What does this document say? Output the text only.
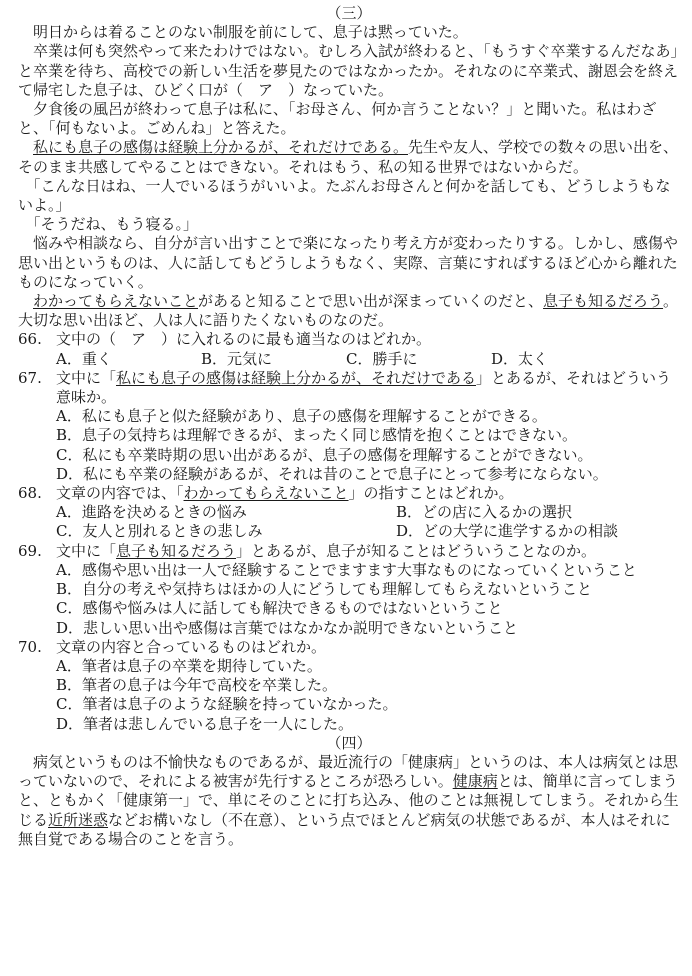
（三）

明日からは着ることのない制服を前にして、息子は黙っていた。

卒業は何も突然やって来たわけではない。むしろ入試が終わると、「もうすぐ卒業するんだなあ」と卒業を待ち、高校での新しい生活を夢見たのではなかったか。それなのに卒業式、謝恩会を終えて帰宅した息子は、ひどく口が（　ア　）なっていた。

夕食後の風呂が終わって息子は私に、「お母さん、何か言うことない？」と聞いた。私はわざと、「何もないよ。ごめんね」と答えた。

私にも息子の感傷は経験上分かるが、それだけである。先生や友人、学校での数々の思い出を、そのまま共感してやることはできない。それはもう、私の知る世界ではないからだ。

「こんな日はね、一人でいるほうがいいよ。たぶんお母さんと何かを話しても、どうしようもないよ。」

「そうだね、もう寝る。」

悩みや相談なら、自分が言い出すことで楽になったり考え方が変わったりする。しかし、感傷や思い出というものは、人に話してもどうしようもなく、実際、言葉にすればするほど心から離れたものになっていく。

わかってもらえないことがあると知ることで思い出が深まっていくのだと、息子も知るだろう。大切な思い出ほど、人は人に語りたくないものなのだ。

66. 文中の（　ア　）に入れるのに最も適当なのはどれか。
A．重く	B．元気に	C．勝手に	D．太く
67. 文中に「私にも息子の感傷は経験上分かるが、それだけである」とあるが、それはどういう意味か。
A． 私にも息子と似た経験があり、息子の感傷を理解することができる。
B． 息子の気持ちは理解できるが、まったく同じ感情を抱くことはできない。
C． 私にも卒業時期の思い出があるが、息子の感傷を理解することができない。
D． 私にも卒業の経験があるが、それは昔のことで息子にとって参考にならない。
68. 文章の内容では、「わかってもらえないこと」の指すことはどれか。
A．進路を決めるときの悩み	B．どの店に入るかの選択
C．友人と別れるときの悲しみ	D．どの大学に進学するかの相談
69. 文中に「息子も知るだろう」とあるが、息子が知ることはどういうことなのか。
A． 感傷や思い出は一人で経験することでますます大事なものになっていくということ
B． 自分の考えや気持ちはほかの人にどうしても理解してもらえないということ
C． 感傷や悩みは人に話しても解決できるものではないということ
D． 悲しい思い出や感傷は言葉ではなかなか説明できないということ
70. 文章の内容と合っているものはどれか。
A． 筆者は息子の卒業を期待していた。
B． 筆者の息子は今年で高校を卒業した。
C． 筆者は息子のような経験を持っていなかった。
D． 筆者は悲しんでいる息子を一人にした。

（四）

病気というものは不愉快なものであるが、最近流行の「健康病」というのは、本人は病気とは思っていないので、それによる被害が先行するところが恐ろしい。健康病とは、簡単に言ってしまうと、ともかく「健康第一」で、単にそのことに打ち込み、他のことは無視してしまう。それから生じる近所迷惑などお構いなし（不在意）、という点でほとんど病気の状態であるが、本人はそれに無自覚である場合のことを言う。
